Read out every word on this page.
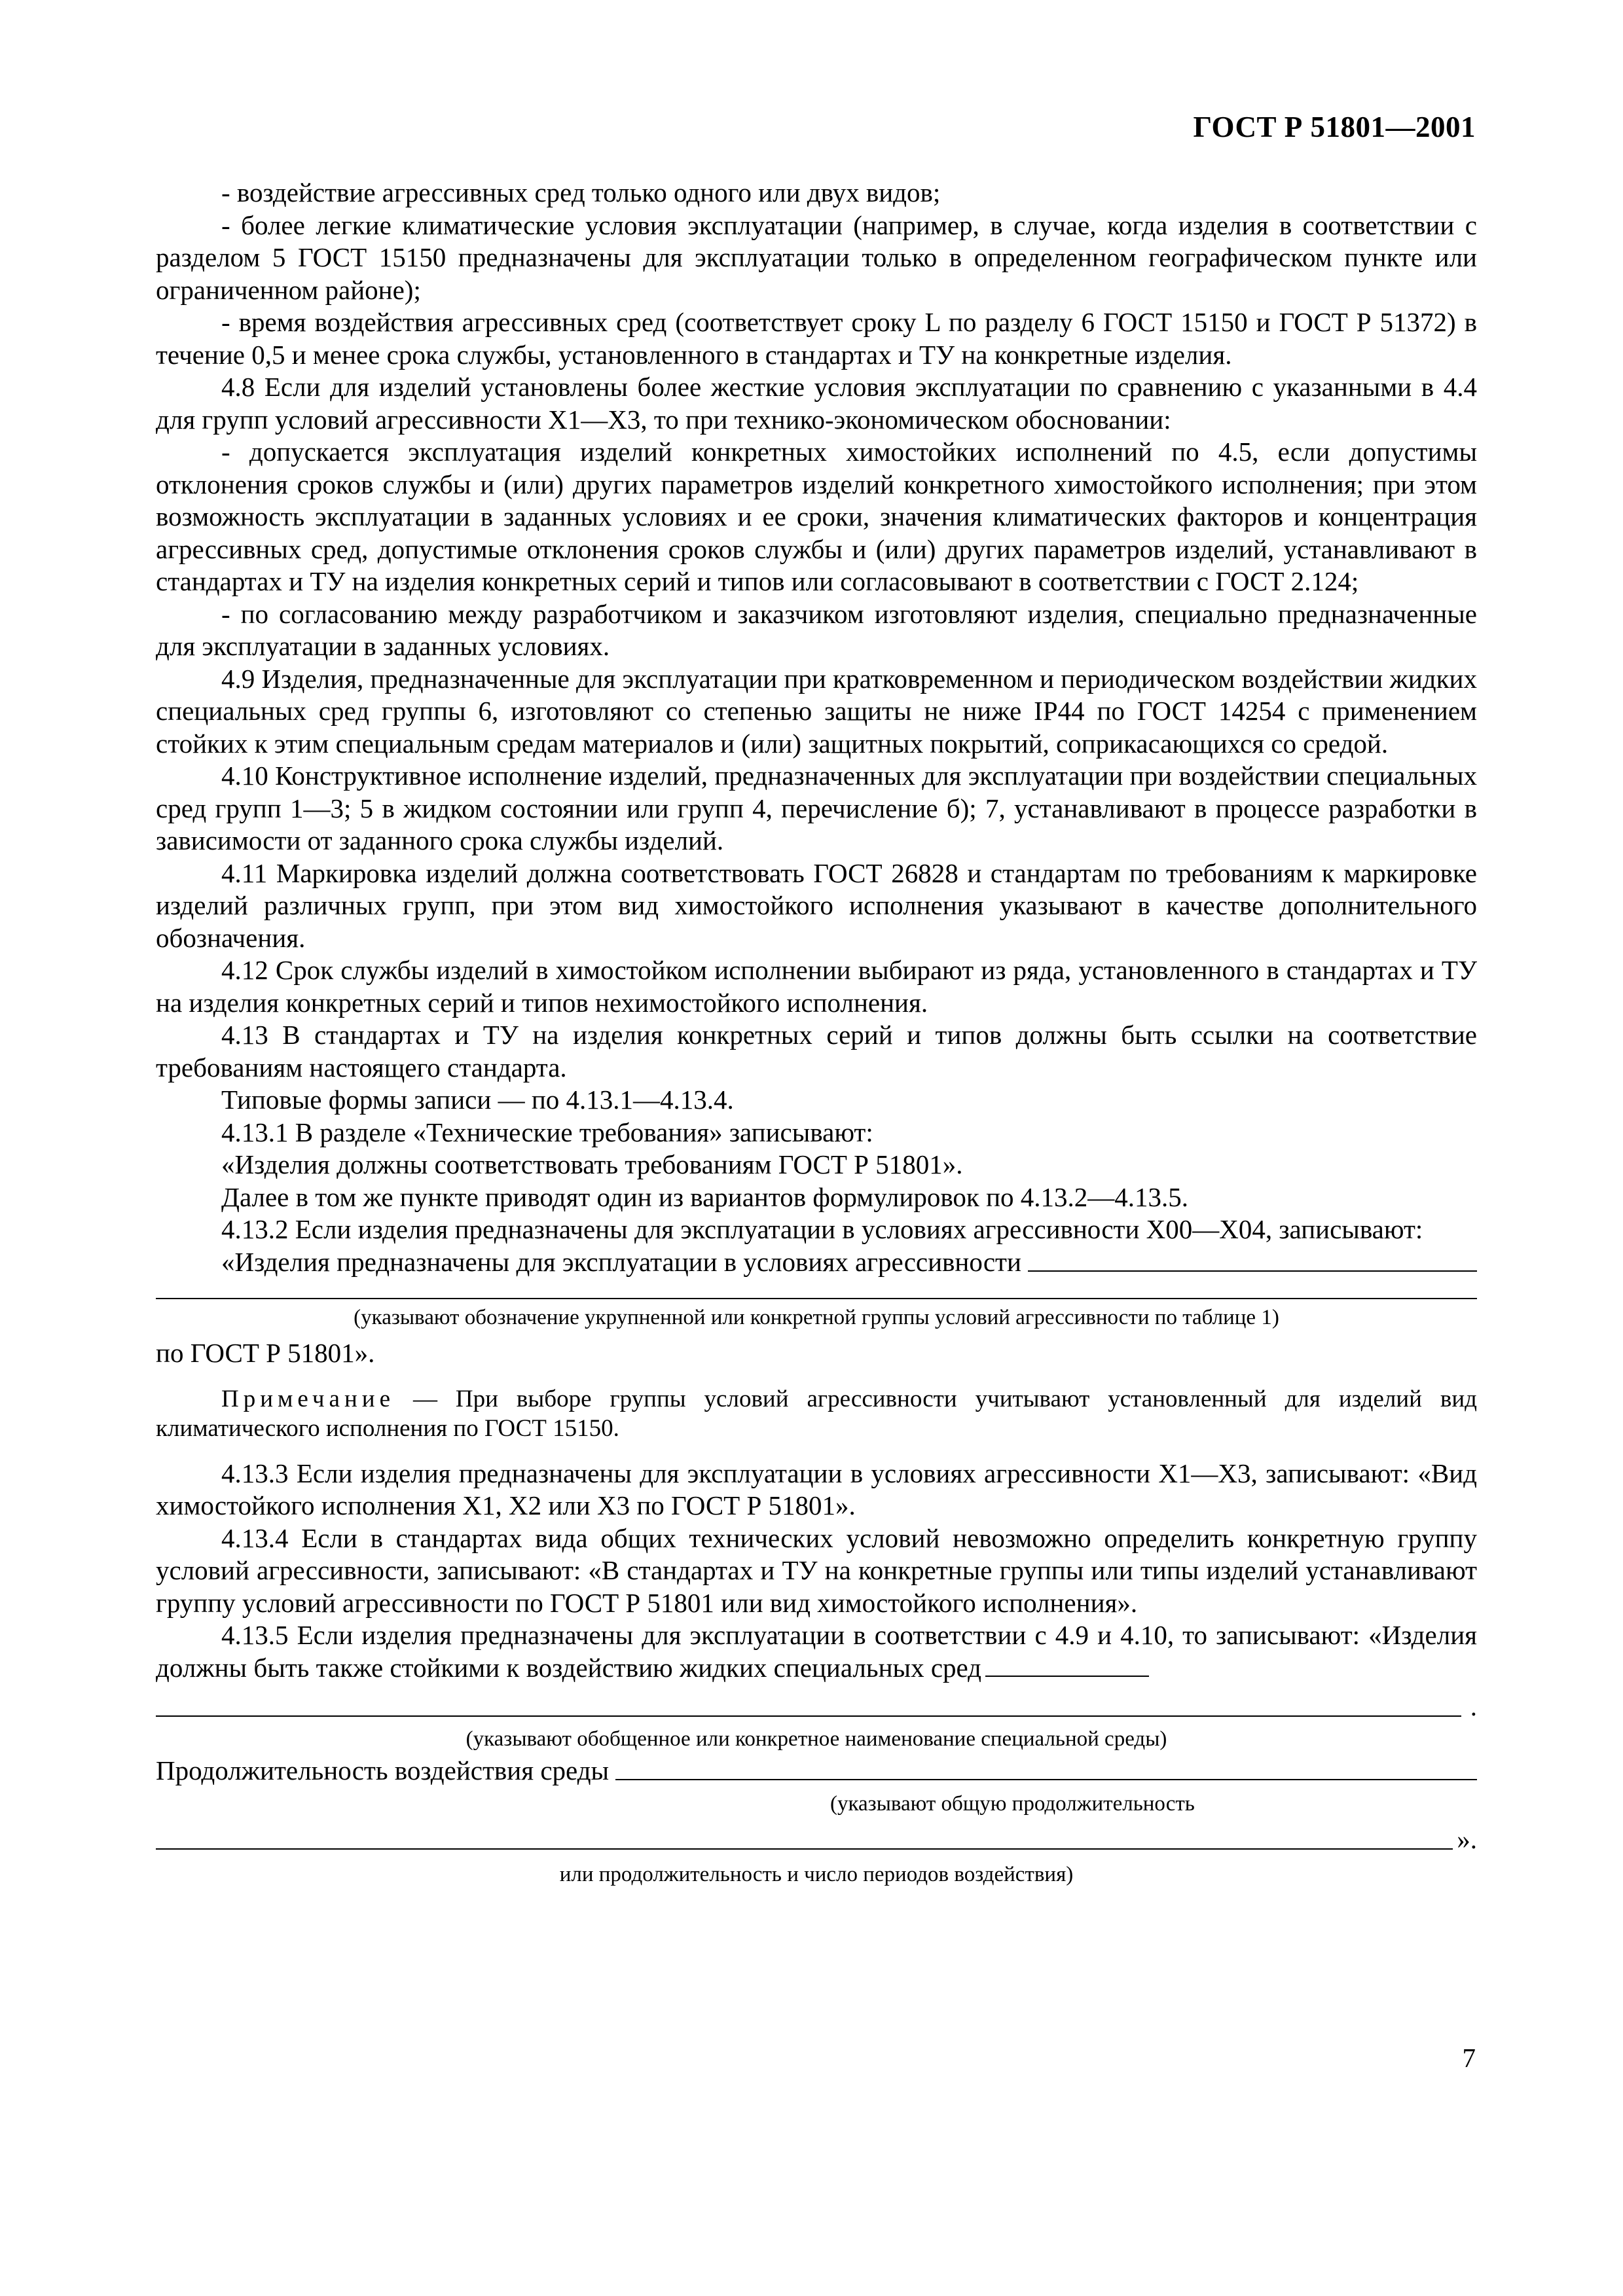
ГОСТ Р 51801—2001

- воздействие агрессивных сред только одного или двух видов;

- более легкие климатические условия эксплуатации (например, в случае, когда изделия в соответствии с разделом 5 ГОСТ 15150 предназначены для эксплуатации только в определенном географическом пункте или ограниченном районе);

- время воздействия агрессивных сред (соответствует сроку L по разделу 6 ГОСТ 15150 и ГОСТ Р 51372) в течение 0,5 и менее срока службы, установленного в стандартах и ТУ на конкретные изделия.

4.8 Если для изделий установлены более жесткие условия эксплуатации по сравнению с указанными в 4.4 для групп условий агрессивности X1—X3, то при технико-экономическом обосновании:

- допускается эксплуатация изделий конкретных химостойких исполнений по 4.5, если допустимы отклонения сроков службы и (или) других параметров изделий конкретного химостойкого исполнения; при этом возможность эксплуатации в заданных условиях и ее сроки, значения климатических факторов и концентрация агрессивных сред, допустимые отклонения сроков службы и (или) других параметров изделий, устанавливают в стандартах и ТУ на изделия конкретных серий и типов или согласовывают в соответствии с ГОСТ 2.124;

- по согласованию между разработчиком и заказчиком изготовляют изделия, специально предназначенные для эксплуатации в заданных условиях.

4.9 Изделия, предназначенные для эксплуатации при кратковременном и периодическом воздействии жидких специальных сред группы 6, изготовляют со степенью защиты не ниже IP44 по ГОСТ 14254 с применением стойких к этим специальным средам материалов и (или) защитных покрытий, соприкасающихся со средой.

4.10 Конструктивное исполнение изделий, предназначенных для эксплуатации при воздействии специальных сред групп 1—3; 5 в жидком состоянии или групп 4, перечисление б); 7, устанавливают в процессе разработки в зависимости от заданного срока службы изделий.

4.11 Маркировка изделий должна соответствовать ГОСТ 26828 и стандартам по требованиям к маркировке изделий различных групп, при этом вид химостойкого исполнения указывают в качестве дополнительного обозначения.

4.12 Срок службы изделий в химостойком исполнении выбирают из ряда, установленного в стандартах и ТУ на изделия конкретных серий и типов нехимостойкого исполнения.

4.13 В стандартах и ТУ на изделия конкретных серий и типов должны быть ссылки на соответствие требованиям настоящего стандарта.

Типовые формы записи — по 4.13.1—4.13.4.

4.13.1 В разделе «Технические требования» записывают:

«Изделия должны соответствовать требованиям ГОСТ Р 51801».

Далее в том же пункте приводят один из вариантов формулировок по 4.13.2—4.13.5.

4.13.2 Если изделия предназначены для эксплуатации в условиях агрессивности X00—X04, записывают:

«Изделия предназначены для эксплуатации в условиях агрессивности
(указывают обозначение укрупненной или конкретной группы условий агрессивности по таблице 1)

по ГОСТ Р 51801».

Примечание — При выборе группы условий агрессивности учитывают установленный для изделий вид климатического исполнения по ГОСТ 15150.

4.13.3 Если изделия предназначены для эксплуатации в условиях агрессивности X1—X3, записывают: «Вид химостойкого исполнения X1, X2 или X3 по ГОСТ Р 51801».

4.13.4 Если в стандартах вида общих технических условий невозможно определить конкретную группу условий агрессивности, записывают: «В стандартах и ТУ на конкретные группы или типы изделий устанавливают группу условий агрессивности по ГОСТ Р 51801 или вид химостойкого исполнения».

4.13.5 Если изделия предназначены для эксплуатации в соответствии с 4.9 и 4.10, то записывают: «Изделия должны быть также стойкими к воздействию жидких специальных сред

.
(указывают обобщенное или конкретное наименование специальной среды)
Продолжительность воздействия среды
(указывают общую продолжительность
».
или продолжительность и число периодов воздействия)
7
